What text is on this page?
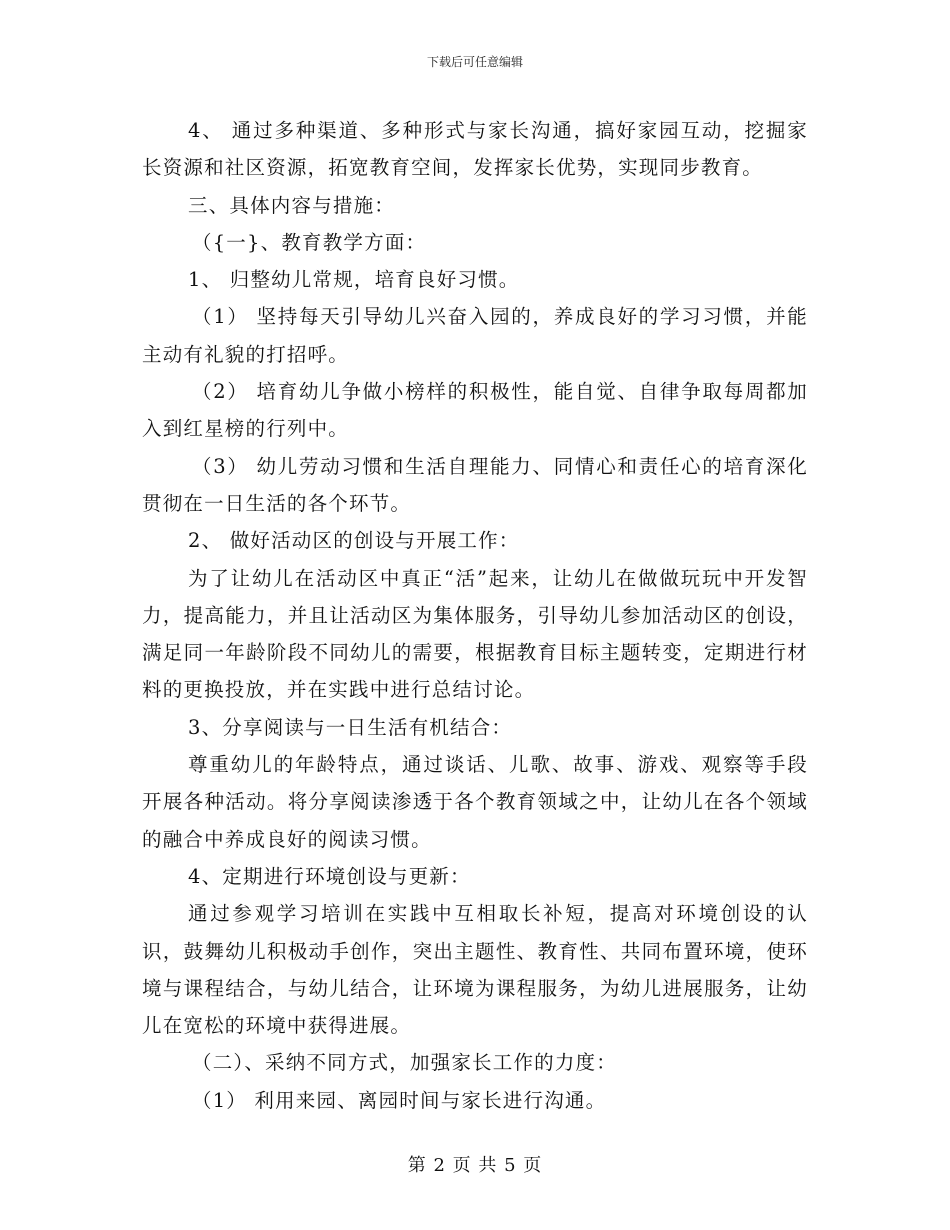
下载后可任意编辑

4、 通过多种渠道、多种形式与家长沟通，搞好家园互动，挖掘家长资源和社区资源，拓宽教育空间，发挥家长优势，实现同步教育。

三、具体内容与措施：

（{一}、教育教学方面：

1、 归整幼儿常规，培育良好习惯。

（1） 坚持每天引导幼儿兴奋入园的，养成良好的学习习惯，并能主动有礼貌的打招呼。

（2） 培育幼儿争做小榜样的积极性，能自觉、自律争取每周都加入到红星榜的行列中。

（3） 幼儿劳动习惯和生活自理能力、同情心和责任心的培育深化贯彻在一日生活的各个环节。

2、 做好活动区的创设与开展工作：

为了让幼儿在活动区中真正“活”起来，让幼儿在做做玩玩中开发智力，提高能力，并且让活动区为集体服务，引导幼儿参加活动区的创设，满足同一年龄阶段不同幼儿的需要，根据教育目标主题转变，定期进行材料的更换投放，并在实践中进行总结讨论。

3、分享阅读与一日生活有机结合：

尊重幼儿的年龄特点，通过谈话、儿歌、故事、游戏、观察等手段开展各种活动。将分享阅读渗透于各个教育领域之中，让幼儿在各个领域的融合中养成良好的阅读习惯。

4、定期进行环境创设与更新：

通过参观学习培训在实践中互相取长补短，提高对环境创设的认识，鼓舞幼儿积极动手创作，突出主题性、教育性、共同布置环境，使环境与课程结合，与幼儿结合，让环境为课程服务，为幼儿进展服务，让幼儿在宽松的环境中获得进展。

（二）、采纳不同方式，加强家长工作的力度：

（1） 利用来园、离园时间与家长进行沟通。

第 2 页 共 5 页
